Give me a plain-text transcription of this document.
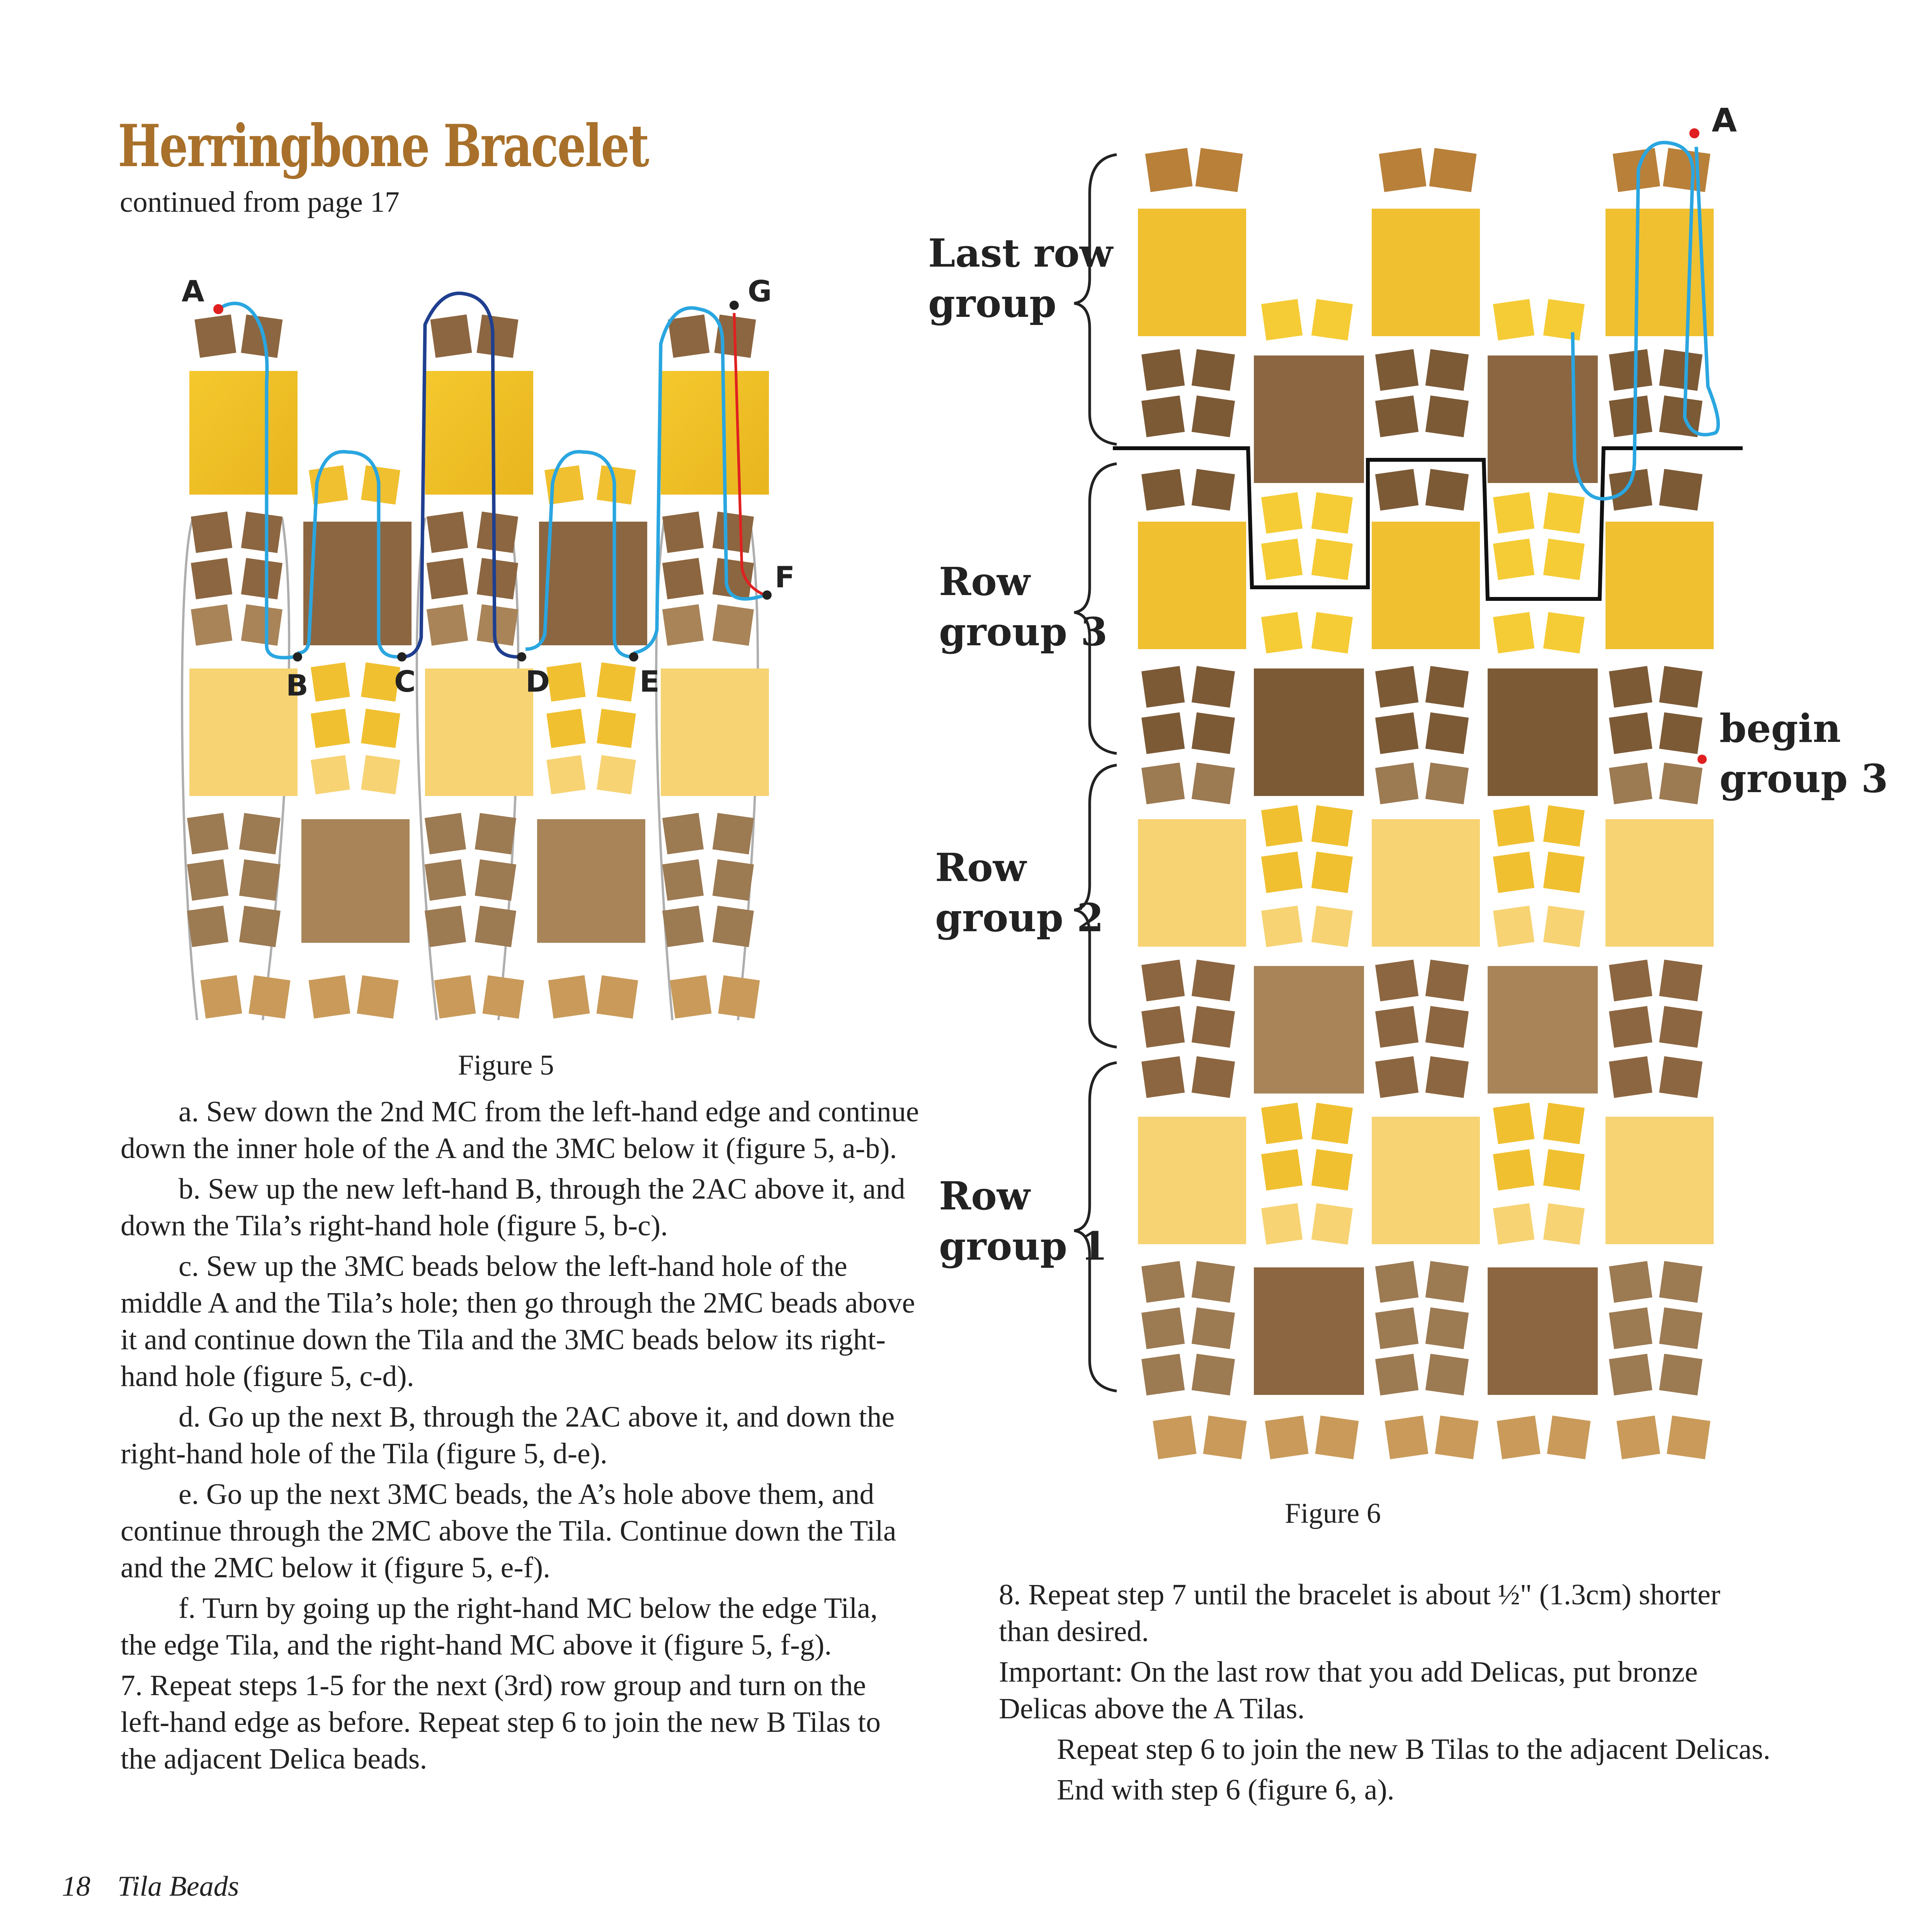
Herringbone Bracelet
continued from page 17
A
B	C	D	E
F
G
Figure 5

a. Sew down the 2nd MC from the left-hand edge and continue down the inner hole of the A and the 3MC below it (figure 5, a-b).

b. Sew up the new left-hand B, through the 2AC above it, and down the Tila’s right-hand hole (figure 5, b-c).

c. Sew up the 3MC beads below the left-hand hole of the middle A and the Tila’s hole; then go through the 2MC beads above it and continue down the Tila and the 3MC beads below its right-hand hole (figure 5, c-d).

d. Go up the next B, through the 2AC above it, and down the right-hand hole of the Tila (figure 5, d-e).

e. Go up the next 3MC beads, the A’s hole above them, and continue through the 2MC above the Tila. Continue down the Tila and the 2MC below it (figure 5, e-f).

f. Turn by going up the right-hand MC below the edge Tila, the edge Tila, and the right-hand MC above it (figure 5, f-g).

7. Repeat steps 1-5 for the next (3rd) row group and turn on the left-hand edge as before. Repeat step 6 to join the new B Tilas to the adjacent Delica beads.

Last row
group
Row
group 3
Row
group 2
Row
group 1
begin
group 3
A
Figure 6

8. Repeat step 7 until the bracelet is about ½" (1.3cm) shorter than desired.

Important: On the last row that you add Delicas, put bronze Delicas above the A Tilas.

Repeat step 6 to join the new B Tilas to the adjacent Delicas.

End with step 6 (figure 6, a).

18 Tila Beads
